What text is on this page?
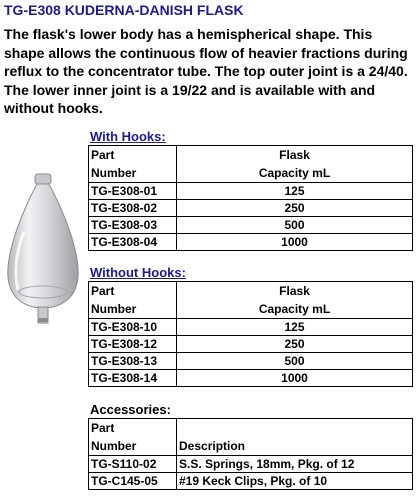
TG-E308 KUDERNA-DANISH FLASK
The flask's lower body has a hemispherical shape. This shape allows the continuous flow of heavier fractions during reflux to the concentrator tube. The top outer joint is a 24/40. The lower inner joint is a 19/22 and is available with and without hooks.
With Hooks:
Part
Number	Flask
Capacity mL
TG-E308-01	125
TG-E308-02	250
TG-E308-03	500
TG-E308-04	1000
Without Hooks:
Part
Number	Flask
Capacity mL
TG-E308-10	125
TG-E308-12	250
TG-E308-13	500
TG-E308-14	1000
Accessories:
Part
Number	Description
TG-S110-02	S.S. Springs, 18mm, Pkg. of 12
TG-C145-05	#19 Keck Clips, Pkg. of 10
